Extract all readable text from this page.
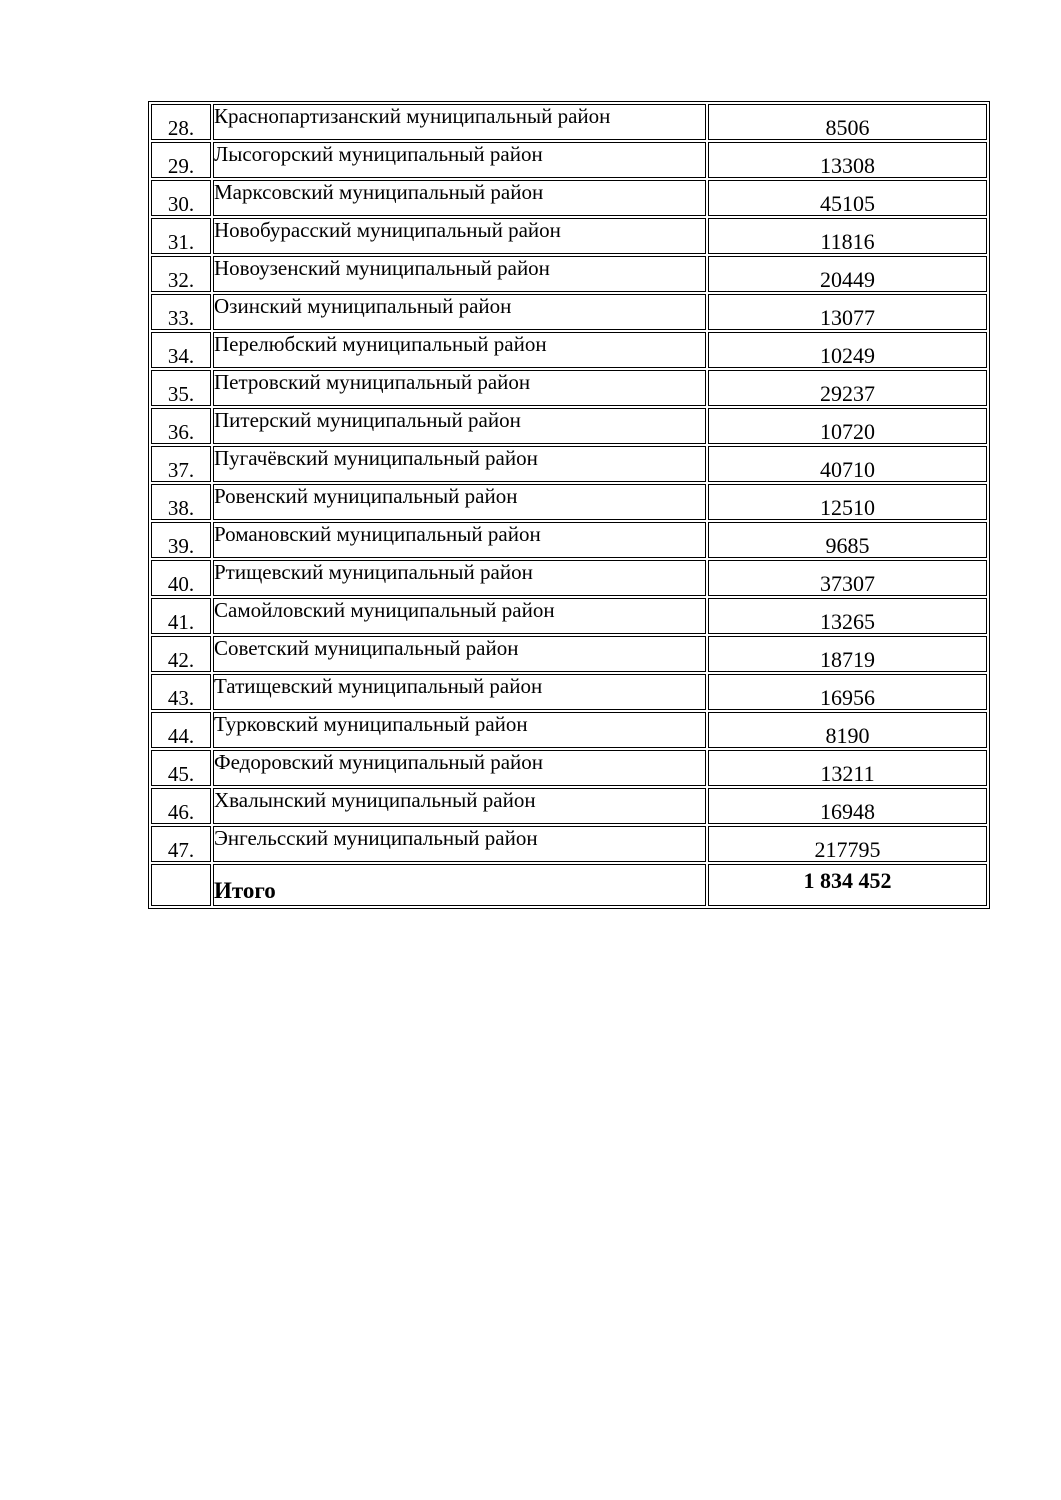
28.	Краснопартизанский муниципальный район	8506
29.	Лысогорский муниципальный район	13308
30.	Марксовский муниципальный район	45105
31.	Новобурасский муниципальный район	11816
32.	Новоузенский муниципальный район	20449
33.	Озинский муниципальный район	13077
34.	Перелюбский муниципальный район	10249
35.	Петровский муниципальный район	29237
36.	Питерский муниципальный район	10720
37.	Пугачёвский муниципальный район	40710
38.	Ровенский муниципальный район	12510
39.	Романовский муниципальный район	9685
40.	Ртищевский муниципальный район	37307
41.	Самойловский муниципальный район	13265
42.	Советский муниципальный район	18719
43.	Татищевский муниципальный район	16956
44.	Турковский муниципальный район	8190
45.	Федоровский муниципальный район	13211
46.	Хвалынский муниципальный район	16948
47.	Энгельсский муниципальный район	217795
	Итого	1 834 452
